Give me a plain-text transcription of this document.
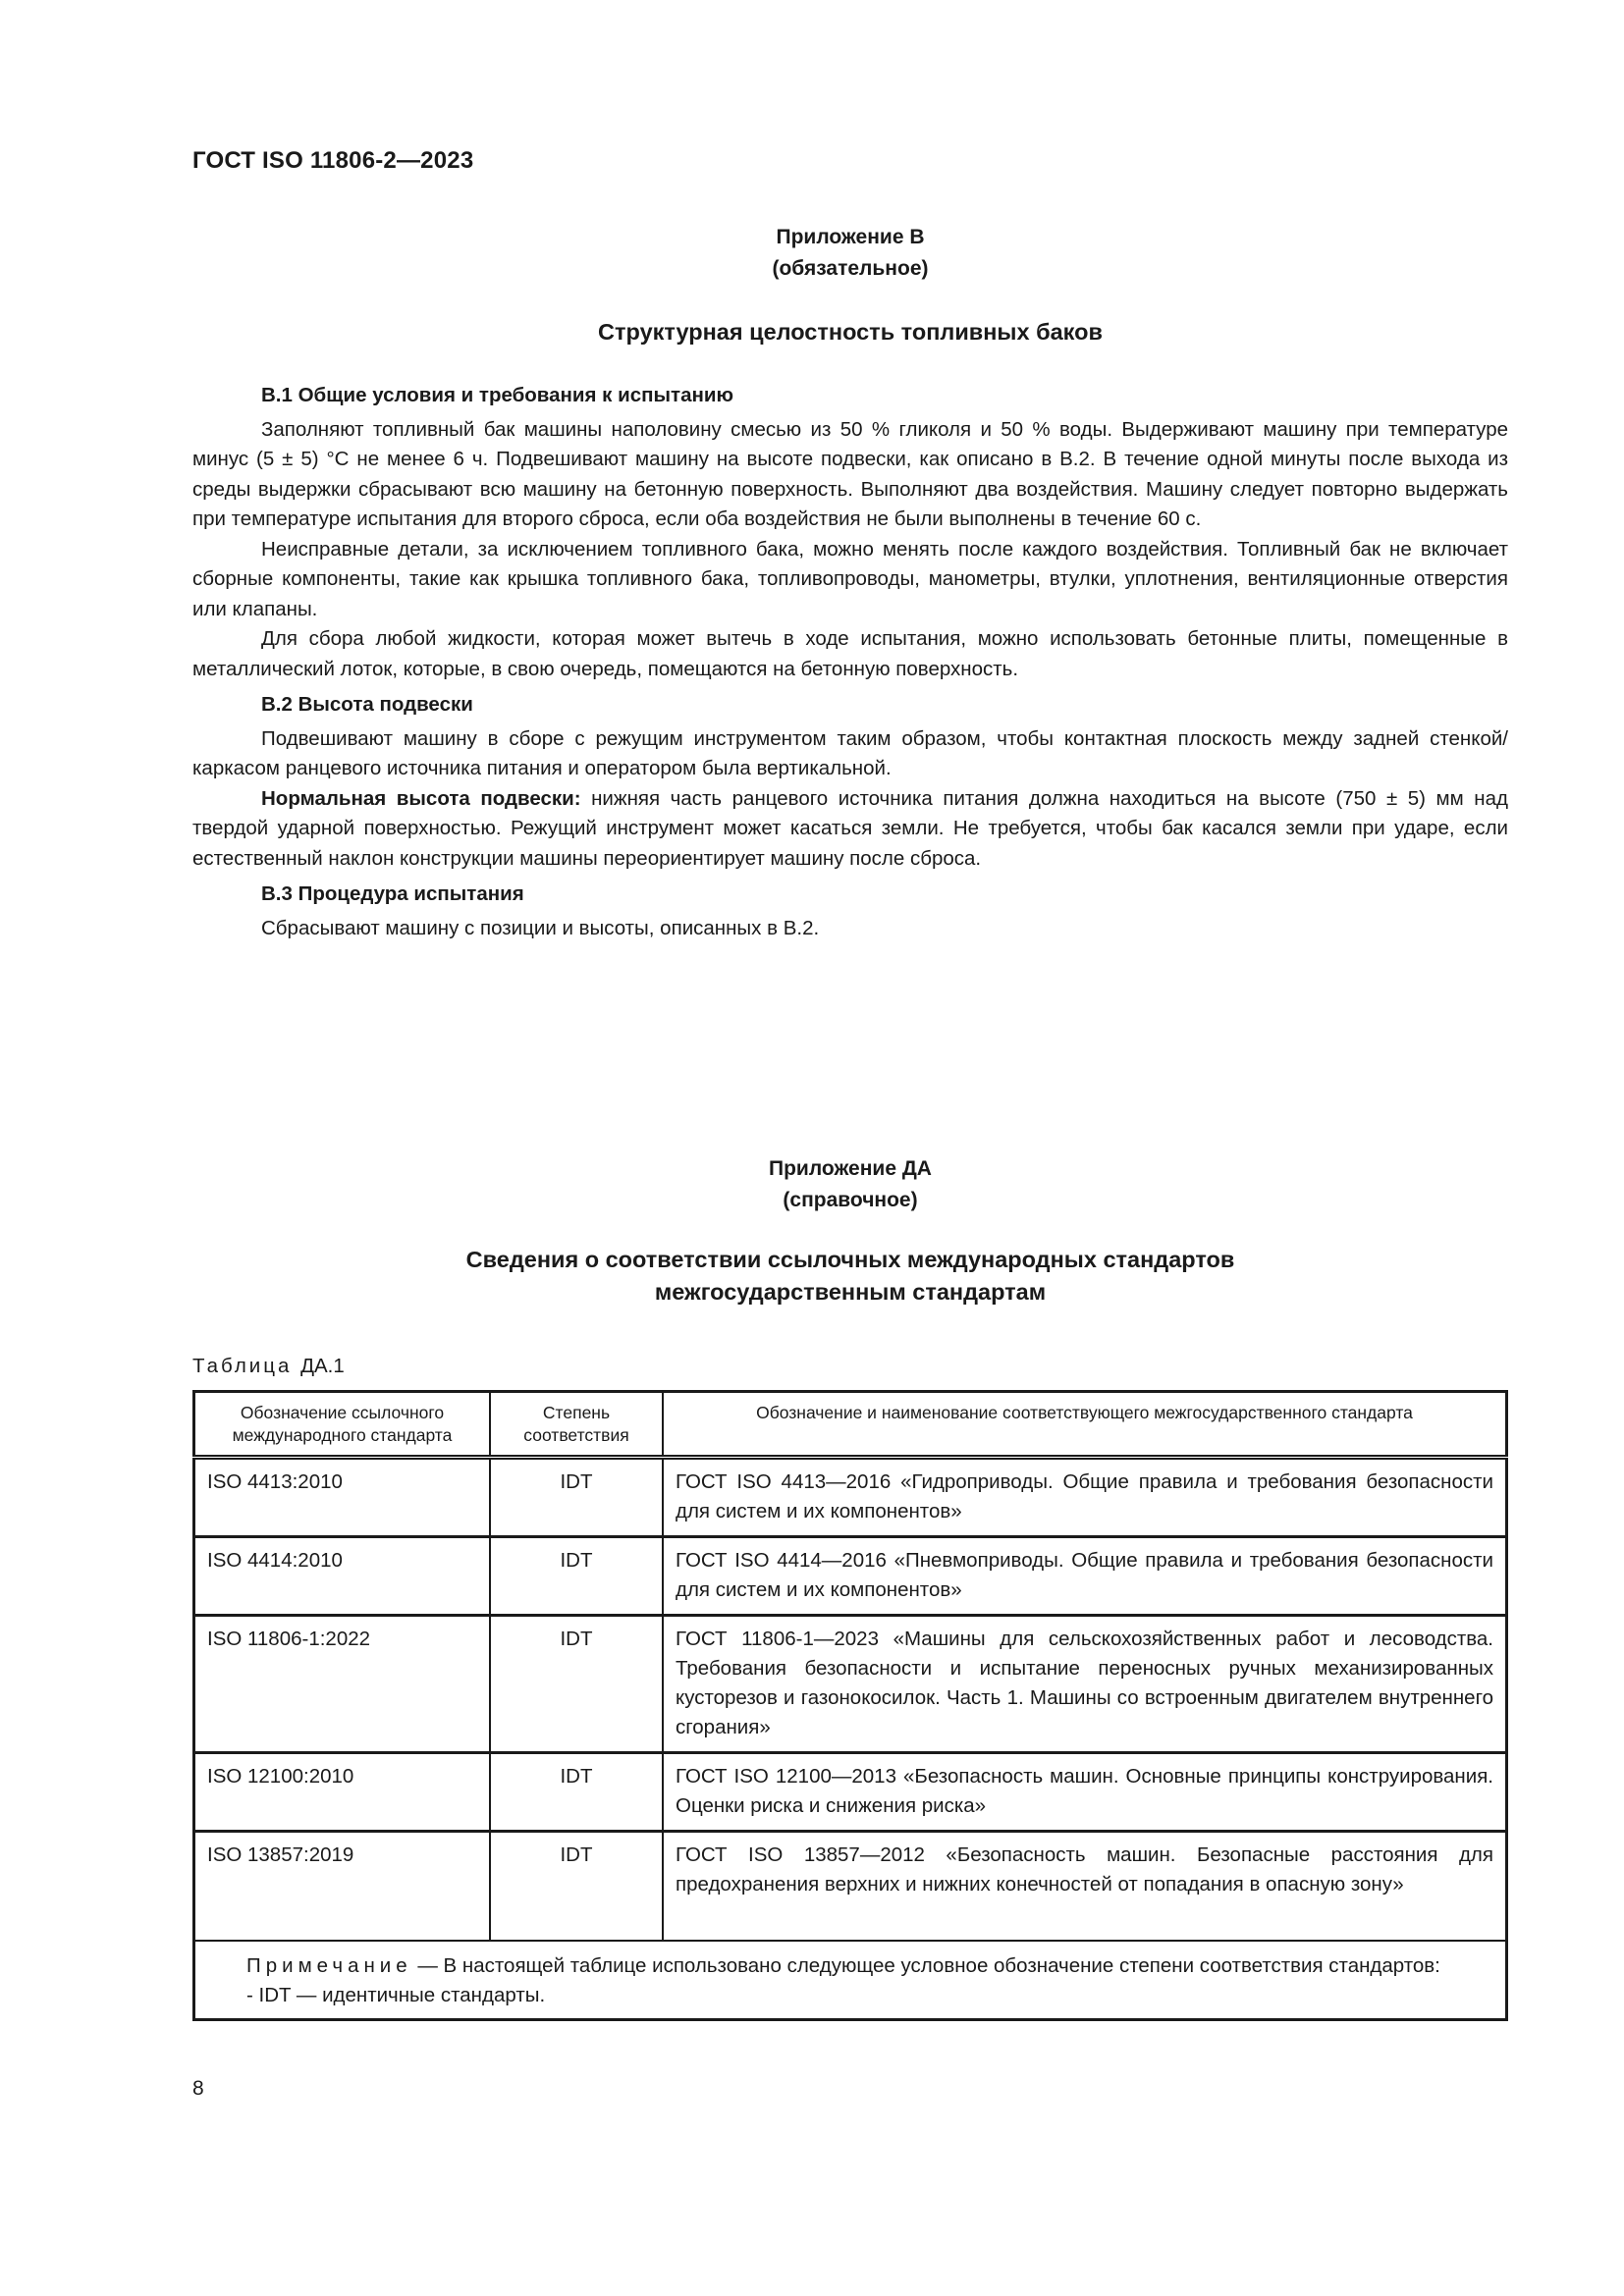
ГОСТ ISO 11806-2—2023
Приложение В
(обязательное)
Структурная целостность топливных баков
В.1 Общие условия и требования к испытанию

Заполняют топливный бак машины наполовину смесью из 50 % гликоля и 50 % воды. Выдерживают машину при температуре минус (5 ± 5) °С не менее 6 ч. Подвешивают машину на высоте подвески, как описано в В.2. В течение одной минуты после выхода из среды выдержки сбрасывают всю машину на бетонную поверхность. Выполняют два воздействия. Машину следует повторно выдержать при температуре испытания для второго сброса, если оба воздействия не были выполнены в течение 60 с.

Неисправные детали, за исключением топливного бака, можно менять после каждого воздействия. Топливный бак не включает сборные компоненты, такие как крышка топливного бака, топливопроводы, манометры, втулки, уплотнения, вентиляционные отверстия или клапаны.

Для сбора любой жидкости, которая может вытечь в ходе испытания, можно использовать бетонные плиты, помещенные в металлический лоток, которые, в свою очередь, помещаются на бетонную поверхность.

В.2 Высота подвески

Подвешивают машину в сборе с режущим инструментом таким образом, чтобы контактная плоскость между задней стенкой/каркасом ранцевого источника питания и оператором была вертикальной.

Нормальная высота подвески: нижняя часть ранцевого источника питания должна находиться на высоте (750 ± 5) мм над твердой ударной поверхностью. Режущий инструмент может касаться земли. Не требуется, чтобы бак касался земли при ударе, если естественный наклон конструкции машины переориентирует машину после сброса.

В.3 Процедура испытания

Сбрасывают машину с позиции и высоты, описанных в В.2.

Приложение ДА
(справочное)
Сведения о соответствии ссылочных международных стандартов
межгосударственным стандартам
Таблица ДА.1
Обозначение ссылочного международного стандарта	Степень соответствия	Обозначение и наименование соответствующего межгосударственного стандарта
ISO 4413:2010	IDT	ГОСТ ISO 4413—2016 «Гидроприводы. Общие правила и требования безопасности для систем и их компонентов»
ISO 4414:2010	IDT	ГОСТ ISO 4414—2016 «Пневмоприводы. Общие правила и требования безопасности для систем и их компонентов»
ISO 11806-1:2022	IDT	ГОСТ 11806-1—2023 «Машины для сельскохозяйственных работ и лесоводства. Требования безопасности и испытание переносных ручных механизированных кусторезов и газонокосилок. Часть 1. Машины со встроенным двигателем внутреннего сгорания»
ISO 12100:2010	IDT	ГОСТ ISO 12100—2013 «Безопасность машин. Основные принципы конструирования. Оценки риска и снижения риска»
ISO 13857:2019	IDT	ГОСТ ISO 13857—2012 «Безопасность машин. Безопасные расстояния для предохранения верхних и нижних конечностей от попадания в опасную зону»

Примечание — В настоящей таблице использовано следующее условное обозначение степени соответствия стандартов:
- IDT — идентичные стандарты.		
8
